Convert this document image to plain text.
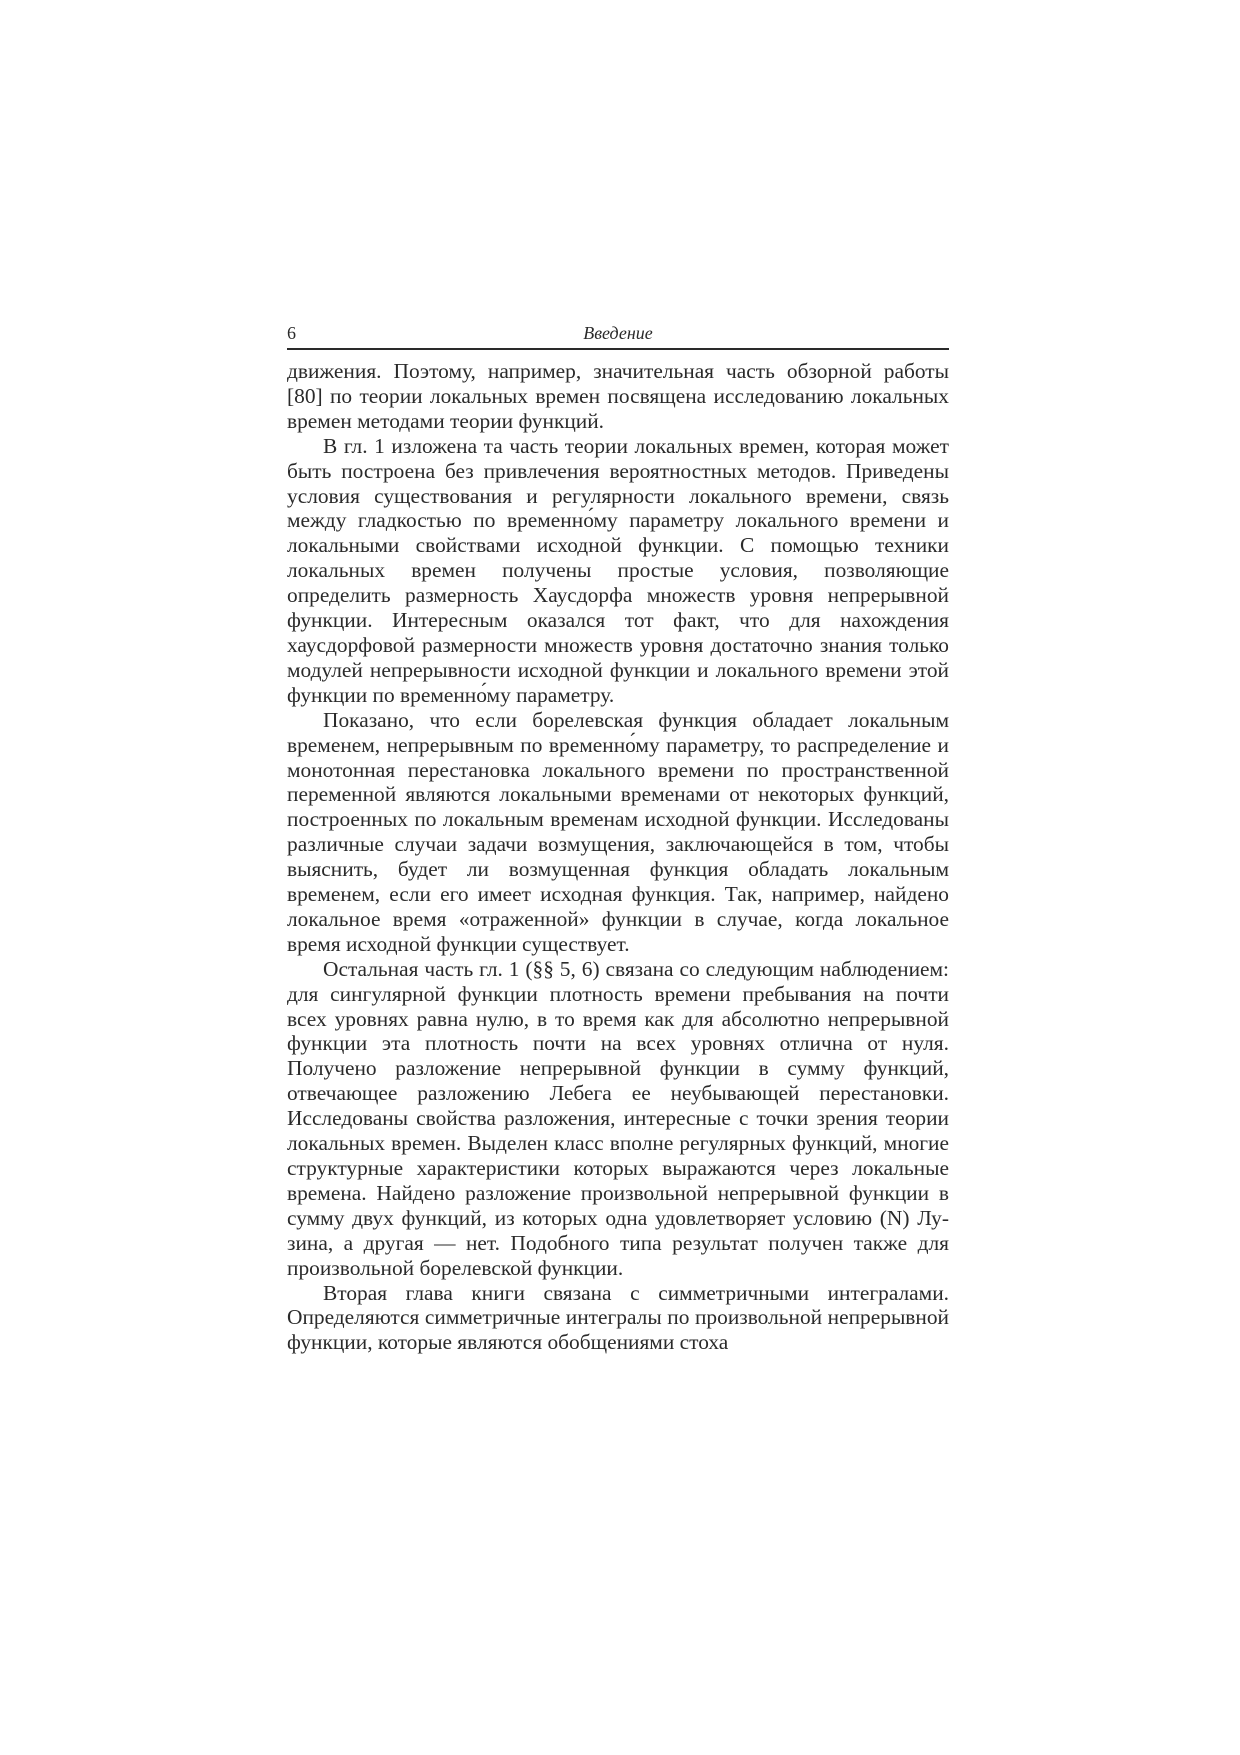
6	Введение

движения. Поэтому, например, значительная часть обзорной работы [80] по теории локальных времен посвящена исследованию локальных времен методами теории функций.

В гл. 1 изложена та часть теории локальных времен, которая может быть построена без привлечения вероятностных методов. Приведены условия существования и регулярности локального времени, связь между гладкостью по временно́му параметру локального времени и локальными свойствами исходной функции. С помощью техники локальных времен получены простые условия, позволяющие определить размерность Хаусдорфа множеств уровня непрерывной функции. Интересным оказался тот факт, что для нахождения хаусдорфовой размерности множеств уровня достаточно знания только модулей непрерывности исходной функции и локального времени этой функции по временно́му параметру.

Показано, что если борелевская функция обладает локальным временем, непрерывным по временно́му параметру, то распределение и монотонная перестановка локального времени по пространственной переменной являются локальными временами от некоторых функций, построенных по локальным временам исходной функции. Исследованы различные случаи задачи возмущения, заключающейся в том, чтобы выяснить, будет ли возмущенная функция обладать локальным временем, если его имеет исходная функция. Так, например, найдено локальное время «отраженной» функции в случае, когда локальное время исходной функции существует.

Остальная часть гл. 1 (§§ 5, 6) связана со следующим наблюдением: для сингулярной функции плотность времени пребывания на почти всех уровнях равна нулю, в то время как для абсолютно непрерывной функции эта плотность почти на всех уровнях отлична от нуля. Получено разложение непрерывной функции в сумму функций, отвечающее разложению Лебега ее неубывающей перестановки. Исследованы свойства разложения, интересные с точки зрения теории локальных времен. Выделен класс вполне регулярных функций, многие структурные характеристики которых выражаются через локальные времена. Найдено разложение произвольной непрерывной функции в сумму двух функций, из которых одна удовлетворяет условию (N) Лузина, а другая — нет. Подобного типа результат получен также для произвольной борелевской функции.

Вторая глава книги связана с симметричными интегралами. Определяются симметричные интегралы по произвольной непрерывной функции, которые являются обобщениями стоха
